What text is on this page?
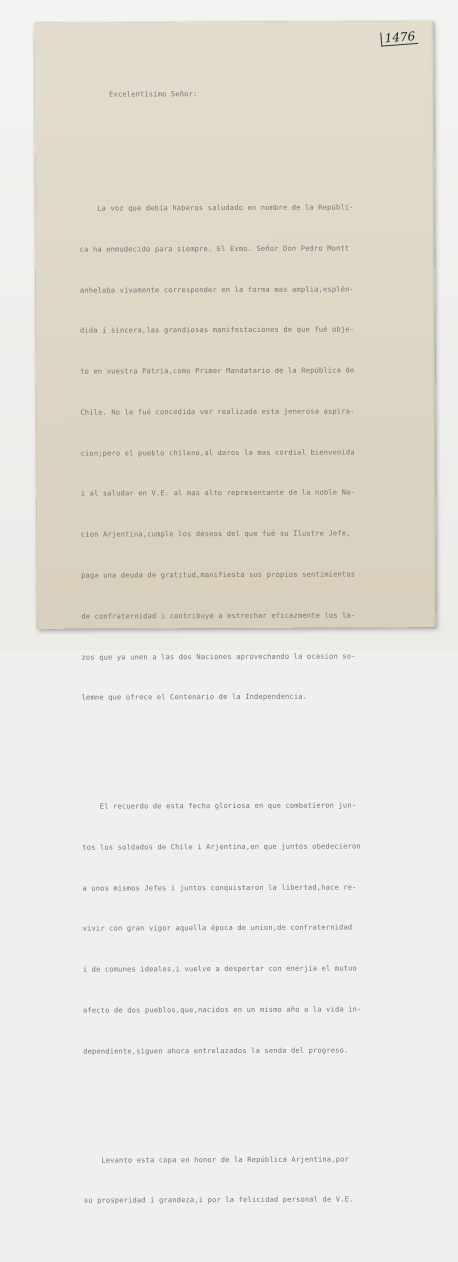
1476

Excelentísimo Señor:

La voz que debía haberos saludado en nombre de la Repúbli-

ca ha enmudecido para siempre. El Exmo. Señor Don Pedro Montt

anhelaba vivamente corresponder en la forma mas amplia,esplén-

dida i sincera,las grandiosas manifestaciones de que fué obje-

to en vuestra Patria,como Primer Mandatario de la República de

Chile. No le fué concedida ver realizada esta jenerosa aspira-

cion;pero el pueblo chileno,al daros la mas cordial bienvenida

i al saludar en V.E. al mas alto representante de la noble Na-

cion Arjentina,cumple los deseos del que fué su Ilustre Jefe,

paga una deuda de gratitud,manifiesta sus propios sentimientos

de confraternidad i contribuye a estrechar eficazmente los la-

zos que ya unen a las dos Naciones aprovechando la ocasion so-

lemne que ofrece el Centenario de la Independencia.

El recuerdo de esta fecha gloriosa en que combatieron jun-

tos los soldados de Chile i Arjentina,en que juntos obedecieron

a unos mismos Jefes i juntos conquistaron la libertad,hace re-

vivir con gran vigor aquella época de union,de confraternidad

i de comunes ideales,i vuelve a despertar con enerjía el mutuo

afecto de dos pueblos,que,nacidos en un mismo año a la vida in-

dependiente,siguen ahora entrelazados la senda del progreso.

Levanto esta copa en honor de la República Arjentina,por

su prosperidad i grandeza,i por la felicidad personal de V.E.
